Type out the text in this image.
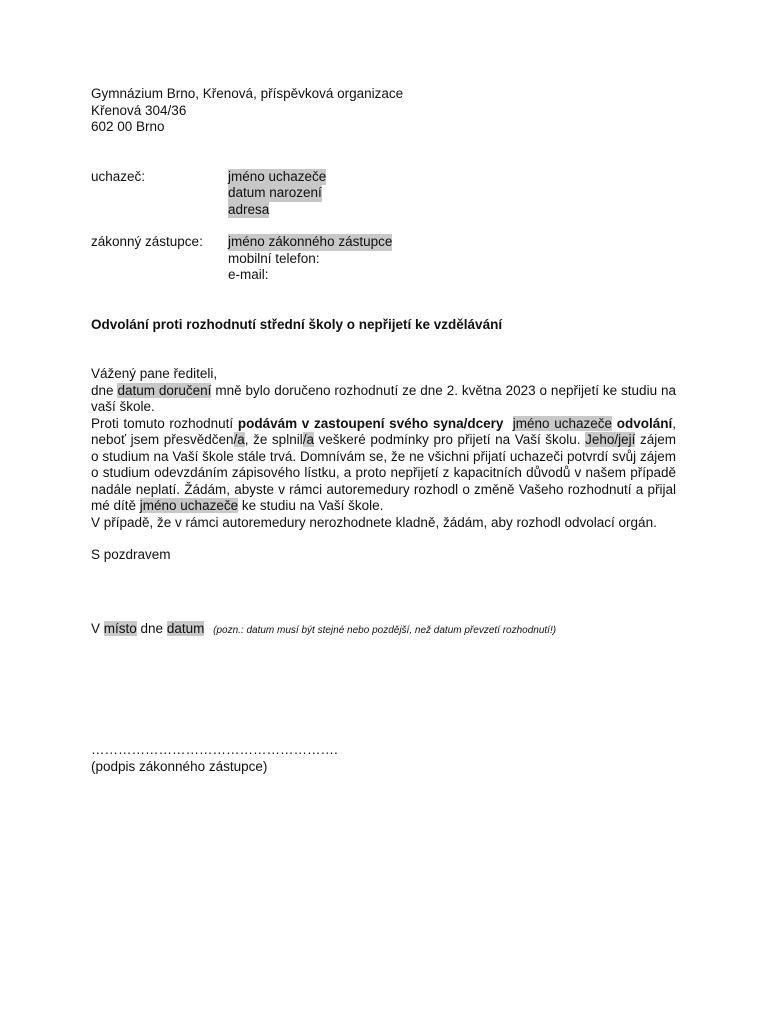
Gymnázium Brno, Křenová, příspěvková organizace
Křenová 304/36
602 00 Brno
uchazeč:	jméno uchazeče
datum narození
adresa
zákonný zástupce: jméno zákonného zástupce
mobilní telefon:
e-mail:
Odvolání proti rozhodnutí střední školy o nepřijetí ke vzdělávání
Vážený pane řediteli,
dne datum doručení mně bylo doručeno rozhodnutí ze dne 2. května 2023 o nepřijetí ke studiu na vaší škole.
Proti tomuto rozhodnutí podávám v zastoupení svého syna/dcery jméno uchazeče odvolání, neboť jsem přesvědčen/a, že splnil/a veškeré podmínky pro přijetí na Vaší školu. Jeho/její zájem o studium na Vaší škole stále trvá. Domnívám se, že ne všichni přijatí uchazeči potvrdí svůj zájem o studium odevzdáním zápisového lístku, a proto nepřijetí z kapacitních důvodů v našem případě nadále neplatí. Žádám, abyste v rámci autoremedury rozhodl o změně Vašeho rozhodnutí a přijal mé dítě jméno uchazeče ke studiu na Vaší škole.
V případě, že v rámci autoremedury nerozhodnete kladně, žádám, aby rozhodl odvolací orgán.
S pozdravem
V místo dne datum (pozn.: datum musí být stejné nebo pozdější, než datum převzetí rozhodnutí!)
……………………………………………….
(podpis zákonného zástupce)
